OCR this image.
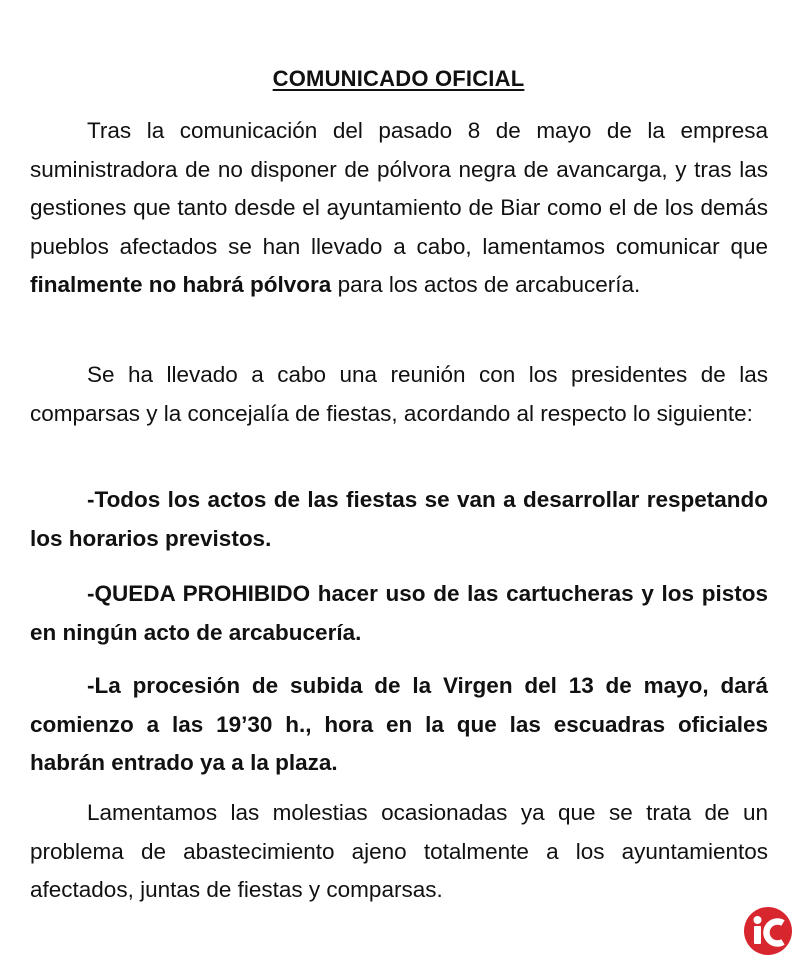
COMUNICADO OFICIAL

Tras la comunicación del pasado 8 de mayo de la empresa suministradora de no disponer de pólvora negra de avancarga, y tras las gestiones que tanto desde el ayuntamiento de Biar como el de los demás pueblos afectados se han llevado a cabo, lamentamos comunicar que finalmente no habrá pólvora para los actos de arcabucería.

Se ha llevado a cabo una reunión con los presidentes de las comparsas y la concejalía de fiestas, acordando al respecto lo siguiente:

-Todos los actos de las fiestas se van a desarrollar respetando los horarios previstos.

-QUEDA PROHIBIDO hacer uso de las cartucheras y los pistos en ningún acto de arcabucería.

-La procesión de subida de la Virgen del 13 de mayo, dará comienzo a las 19’30 h., hora en la que las escuadras oficiales habrán entrado ya a la plaza.

Lamentamos las molestias ocasionadas ya que se trata de un problema de abastecimiento ajeno totalmente a los ayuntamientos afectados, juntas de fiestas y comparsas.
